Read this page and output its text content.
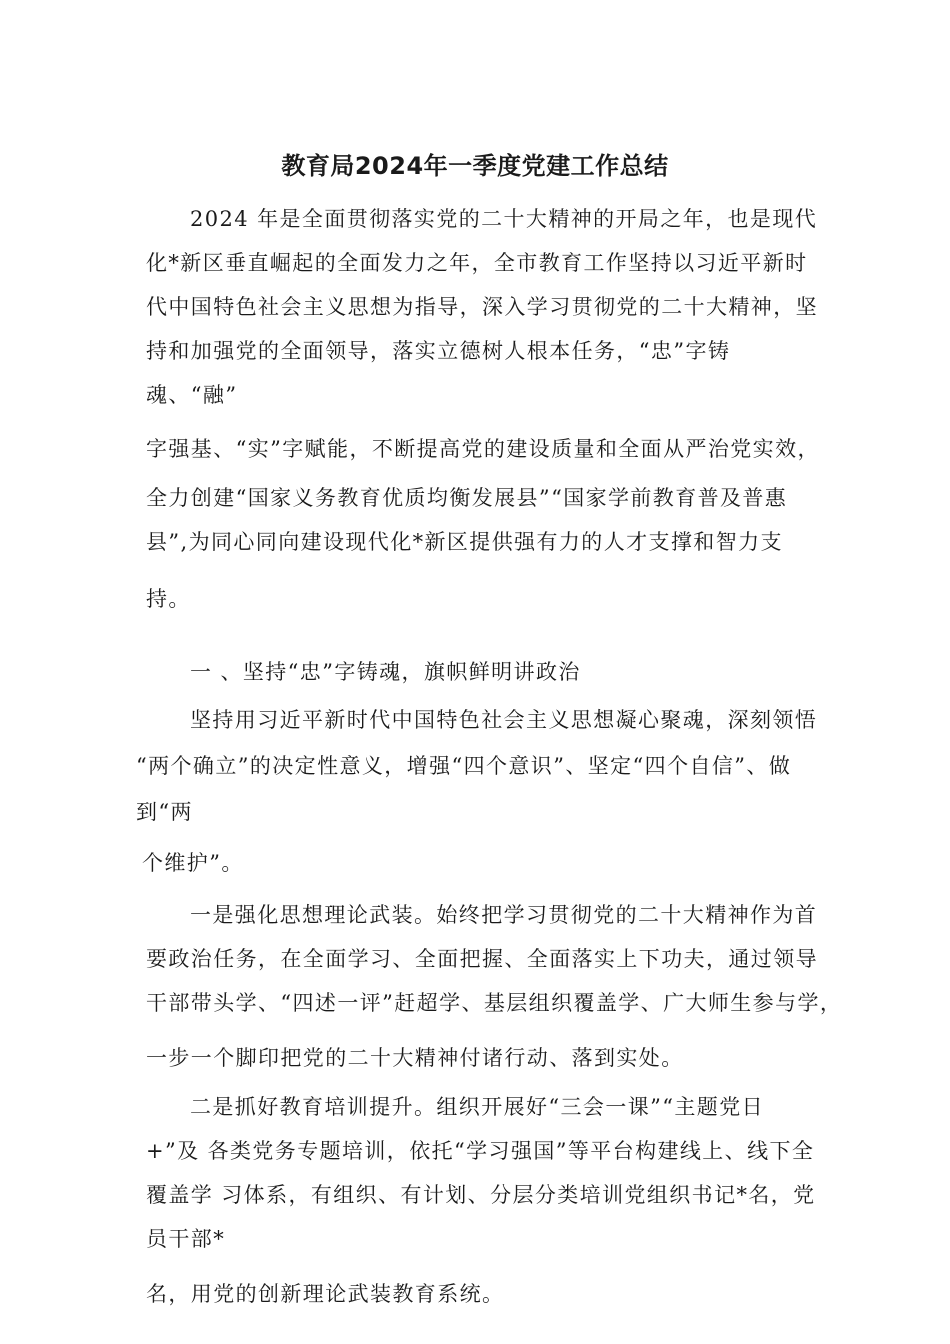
教育局2024年一季度党建工作总结
2024 年是全面贯彻落实党的二十大精神的开局之年，也是现代
化*新区垂直崛起的全面发力之年，全市教育工作坚持以习近平新时
代中国特色社会主义思想为指导，深入学习贯彻党的二十大精神，坚
持和加强党的全面领导，落实立德树人根本任务，“忠”字铸
魂、“融”
字强基、“实”字赋能，不断提高党的建设质量和全面从严治党实效，
全力创建“国家义务教育优质均衡发展县”“国家学前教育普及普惠
县”,为同心同向建设现代化*新区提供强有力的人才支撑和智力支
持。
一 、坚持“忠”字铸魂，旗帜鲜明讲政治
坚持用习近平新时代中国特色社会主义思想凝心聚魂，深刻领悟
“两个确立”的决定性意义，增强“四个意识”、坚定“四个自信”、做
到“两
个维护”。
一是强化思想理论武装。始终把学习贯彻党的二十大精神作为首
要政治任务，在全面学习、全面把握、全面落实上下功夫，通过领导
干部带头学、“四述一评”赶超学、基层组织覆盖学、广大师生参与学，
一步一个脚印把党的二十大精神付诸行动、落到实处。
二是抓好教育培训提升。组织开展好“三会一课”“主题党日
+”及 各类党务专题培训，依托“学习强国”等平台构建线上、线下全
覆盖学 习体系，有组织、有计划、分层分类培训党组织书记*名，党
员干部*
名，用党的创新理论武装教育系统。
